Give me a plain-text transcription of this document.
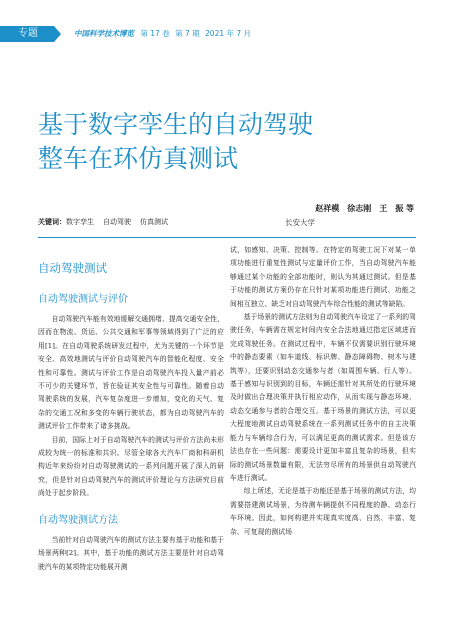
专题	中国科学技术博览 第 17 卷 第 7 期 2021 年 7 月
基于数字孪生的自动驾驶
整车在环仿真测试
赵祥模　徐志刚　王　振 等
长安大学
关键词：数字孪生 自动驾驶 仿真测试
自动驾驶测试
自动驾驶测试与评价

自动驾驶汽车能有效地缓解交通拥堵、提高交通安全性，因而在物流、货运、公共交通和军事等领域得到了广泛的应用[1]。在自动驾驶系统研发过程中，尤为关键的一个环节是安全、高效地测试与评价自动驾驶汽车的智能化程度、安全性和可靠性。测试与评价工作是自动驾驶汽车投入量产前必不可少的关键环节，旨在验证其安全性与可靠性。随着自动驾驶系统的发展，汽车复杂度进一步增加，变化的天气、复杂的交通工况和多变的车辆行驶状态，都为自动驾驶汽车的测试评价工作带来了诸多挑战。

目前，国际上对于自动驾驶汽车的测试与评价方法尚未形成较为统一的标准和共识。尽管全球各大汽车厂商和科研机构近年来纷纷对自动驾驶测试的一系列问题开展了深入的研究，但是针对自动驾驶汽车的测试评价理论与方法研究目前尚处于起步阶段。

自动驾驶测试方法

当前针对自动驾驶汽车的测试方法主要有基于功能和基于场景两种[2]。其中，基于功能的测试方法主要是针对自动驾驶汽车的某项特定功能展开测

试，如感知、决策、控制等。在特定的驾驶工况下对某一单项功能进行重复性测试与定量评价工作，当自动驾驶汽车能够通过某个功能的全部功能时，则认为其通过测试。但是基于功能的测试方案仍存在只针对某项功能进行测试、功能之间相互独立、缺乏对自动驾驶汽车综合性能的测试等缺陷。

基于场景的测试方法则为自动驾驶汽车设定了一系列的驾驶任务，车辆需在规定时间内安全合法地通过指定区域进而完成驾驶任务。在测试过程中，车辆不仅需要识别行驶环境中的静态要素（如车道线、标识牌、静态障碍物、树木与建筑等），还要识别动态交通参与者（如周围车辆、行人等）。基于感知与识别到的目标，车辆还需针对其所处的行驶环境及时做出合理决策并执行相应动作，从而实现与静态环境、动态交通参与者的合理交互。基于场景的测试方法，可以更大程度地测试自动驾驶系统在一系列测试任务中的自主决策能力与车辆综合行为，可以满足更高的测试需求。但是该方法也存在一些问题：需要设计更加丰富且复杂的场景，但实际的测试场景数量有限，无法穷尽所有的场景供自动驾驶汽车进行测试。

综上所述，无论是基于功能还是基于场景的测试方法，均需要搭建测试场景，为待测车辆提供不同程度的静、动态行车环境。因此，如何构建并实现真实度高、自然、丰富、复杂、可复现的测试场
